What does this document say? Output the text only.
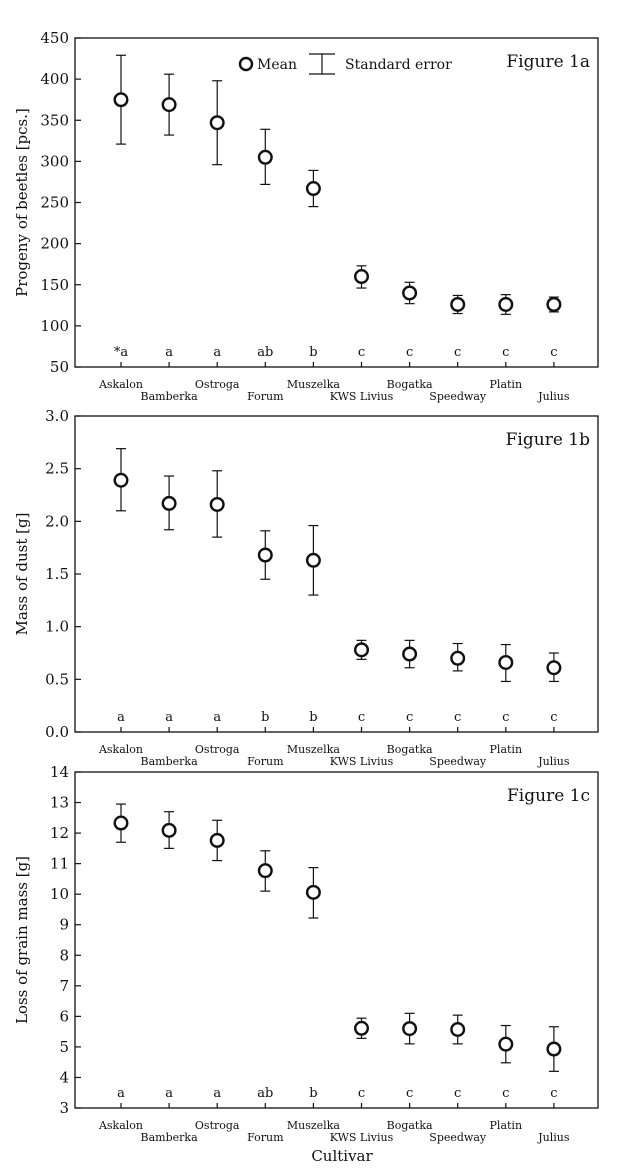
50
100
150
200
250
300
350
400
450
Progeny of beetles [pcs.]
Figure 1a
Askalon
*a
Bamberka
a
Ostroga
a
Forum
ab
Muszelka
b
KWS Livius
c
Bogatka
c
Speedway
c
Platin
c
Julius
c
0.0
0.5
1.0
1.5
2.0
2.5
3.0
Mass of dust [g]
Figure 1b
Askalon
a
Bamberka
a
Ostroga
a
Forum
b
Muszelka
b
KWS Livius
c
Bogatka
c
Speedway
c
Platin
c
Julius
c
3
4
5
6
7
8
9
10
11
12
13
14
Loss of grain mass [g]
Figure 1c
Askalon
a
Bamberka
a
Ostroga
a
Forum
ab
Muszelka
b
KWS Livius
c
Bogatka
c
Speedway
c
Platin
c
Julius
c
Mean	Standard error
Cultivar
